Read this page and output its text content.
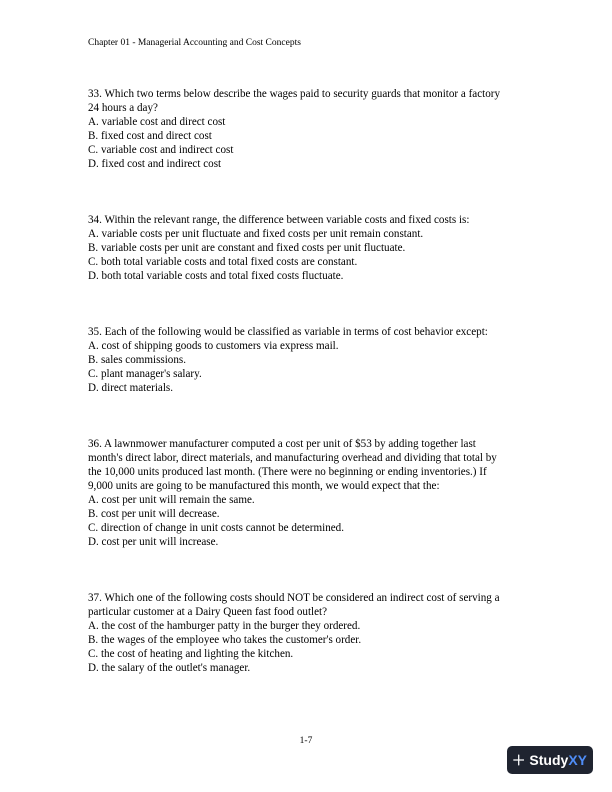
Chapter 01 - Managerial Accounting and Cost Concepts
33. Which two terms below describe the wages paid to security guards that monitor a factory
24 hours a day?
A. variable cost and direct cost
B. fixed cost and direct cost
C. variable cost and indirect cost
D. fixed cost and indirect cost
34. Within the relevant range, the difference between variable costs and fixed costs is:
A. variable costs per unit fluctuate and fixed costs per unit remain constant.
B. variable costs per unit are constant and fixed costs per unit fluctuate.
C. both total variable costs and total fixed costs are constant.
D. both total variable costs and total fixed costs fluctuate.
35. Each of the following would be classified as variable in terms of cost behavior except:
A. cost of shipping goods to customers via express mail.
B. sales commissions.
C. plant manager's salary.
D. direct materials.
36. A lawnmower manufacturer computed a cost per unit of $53 by adding together last
month's direct labor, direct materials, and manufacturing overhead and dividing that total by
the 10,000 units produced last month. (There were no beginning or ending inventories.) If
9,000 units are going to be manufactured this month, we would expect that the:
A. cost per unit will remain the same.
B. cost per unit will decrease.
C. direction of change in unit costs cannot be determined.
D. cost per unit will increase.
37. Which one of the following costs should NOT be considered an indirect cost of serving a
particular customer at a Dairy Queen fast food outlet?
A. the cost of the hamburger patty in the burger they ordered.
B. the wages of the employee who takes the customer's order.
C. the cost of heating and lighting the kitchen.
D. the salary of the outlet's manager.
1-7
Study XY
